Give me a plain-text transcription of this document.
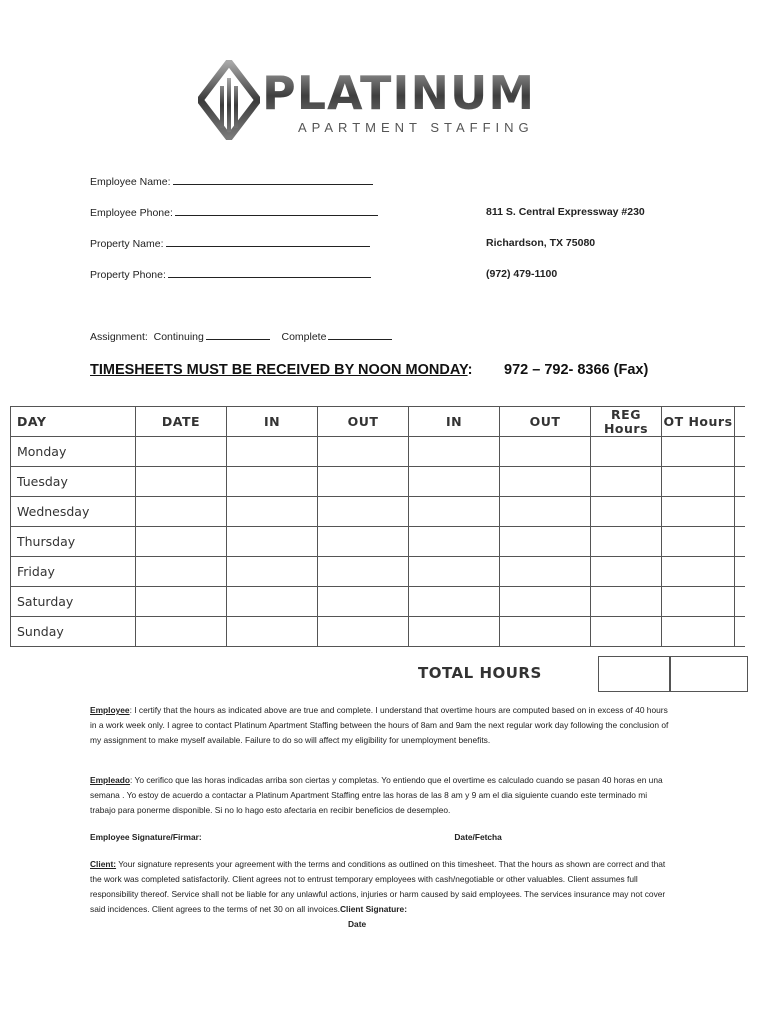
PLATINUM
APARTMENT STAFFING
Employee Name:
Employee Phone:
Property Name:
Property Phone:
811 S. Central Expressway #230
Richardson, TX 75080
(972) 479-1100
Assignment: Continuing	Complete
TIMESHEETS MUST BE RECEIVED BY NOON MONDAY: 972 – 792- 8366 (Fax)
DAY	DATE	IN	OUT	IN	OUT	REG Hours	OT Hours	
Monday								
Tuesday								
Wednesday								
Thursday								
Friday								
Saturday								
Sunday								
TOTAL HOURS
Employee: I certify that the hours as indicated above are true and complete. I understand that overtime hours are computed based on in excess of 40 hours in a work week only. I agree to contact Platinum Apartment Staffing between the hours of 8am and 9am the next regular work day following the conclusion of my assignment to make myself available. Failure to do so will affect my eligibility for unemployment benefits.
Empleado: Yo cerifico que las horas indicadas arriba son ciertas y completas. Yo entiendo que el overtime es calculado cuando se pasan 40 horas en una semana . Yo estoy de acuerdo a contactar a Platinum Apartment Staffing entre las horas de las 8 am y 9 am el dia siguiente cuando este terminado mi trabajo para ponerme disponible. Si no lo hago esto afectaria en recibir beneficios de desempleo.
Employee Signature/Firmar:	Date/Fetcha
Client: Your signature represents your agreement with the terms and conditions as outlined on this timesheet. That the hours as shown are correct and that the work was completed satisfactorily. Client agrees not to entrust temporary employees with cash/negotiable or other valuables. Client assumes full responsibility thereof. Service shall not be liable for any unlawful actions, injuries or harm caused by said employees. The services insurance may not cover said incidences. Client agrees to the terms of net 30 on all invoices.Client Signature:
Date
